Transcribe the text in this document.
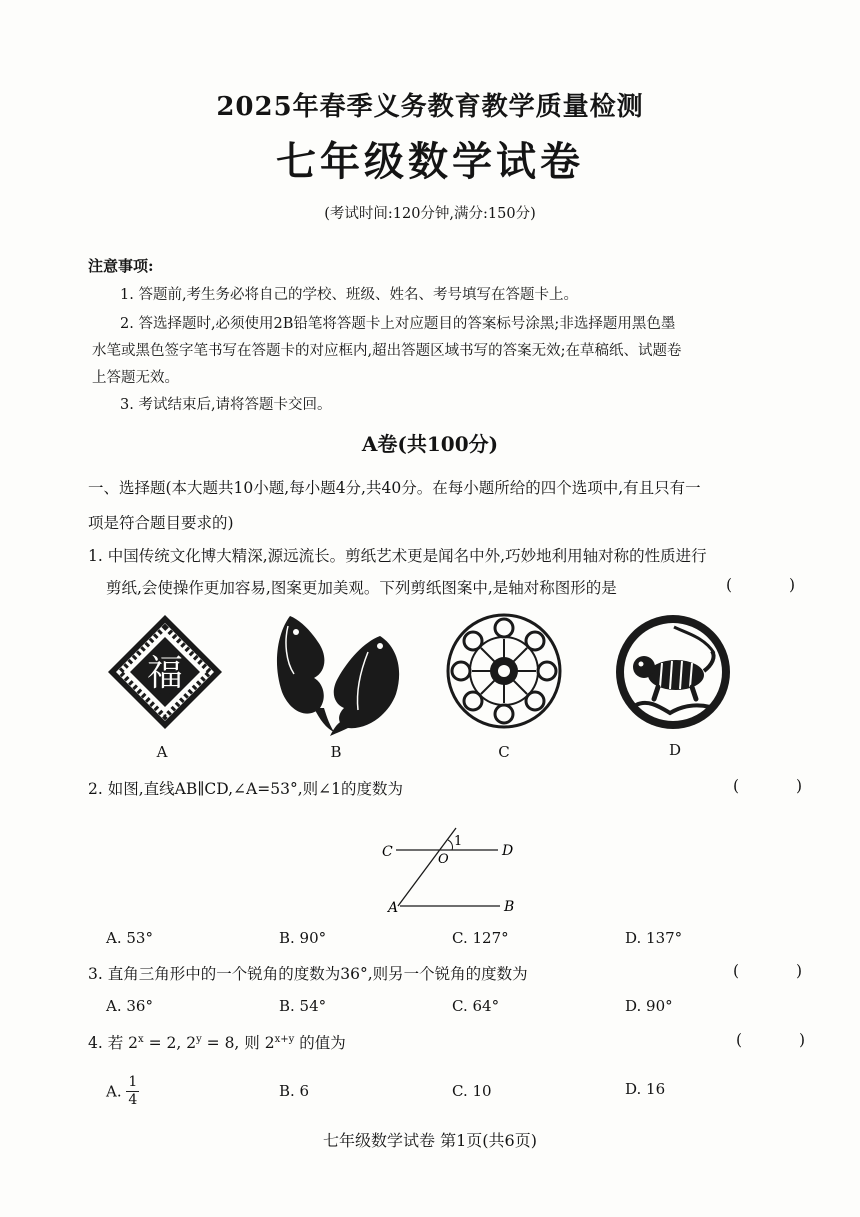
2025年春季义务教育教学质量检测
七年级数学试卷
(考试时间:120分钟,满分:150分)
注意事项:
1. 答题前,考生务必将自己的学校、班级、姓名、考号填写在答题卡上。
2. 答选择题时,必须使用2B铅笔将答题卡上对应题目的答案标号涂黑;非选择题用黑色墨
水笔或黑色签字笔书写在答题卡的对应框内,超出答题区域书写的答案无效;在草稿纸、试题卷
上答题无效。
3. 考试结束后,请将答题卡交回。
A卷(共100分)
一、选择题(本大题共10小题,每小题4分,共40分。在每小题所给的四个选项中,有且只有一
项是符合题目要求的)
1. 中国传统文化博大精深,源远流长。剪纸艺术更是闻名中外,巧妙地利用轴对称的性质进行
剪纸,会使操作更加容易,图案更加美观。下列剪纸图案中,是轴对称图形的是	( )
福
A	B	C	D
2. 如图,直线AB∥CD,∠A=53°,则∠1的度数为	( )
C	D
O
1
A	B
A. 53°	B. 90°	C. 127°	D. 137°
3. 直角三角形中的一个锐角的度数为36°,则另一个锐角的度数为	( )
A. 36°	B. 54°	C. 64°	D. 90°
4. 若 $2^x = 2$, $2^y = 8$, 则 $2^{x+y}$ 的值为	( )
A. $\frac{1}{4}$	B. 6	C. 10	D. 16
七年级数学试卷 第1页(共6页)
